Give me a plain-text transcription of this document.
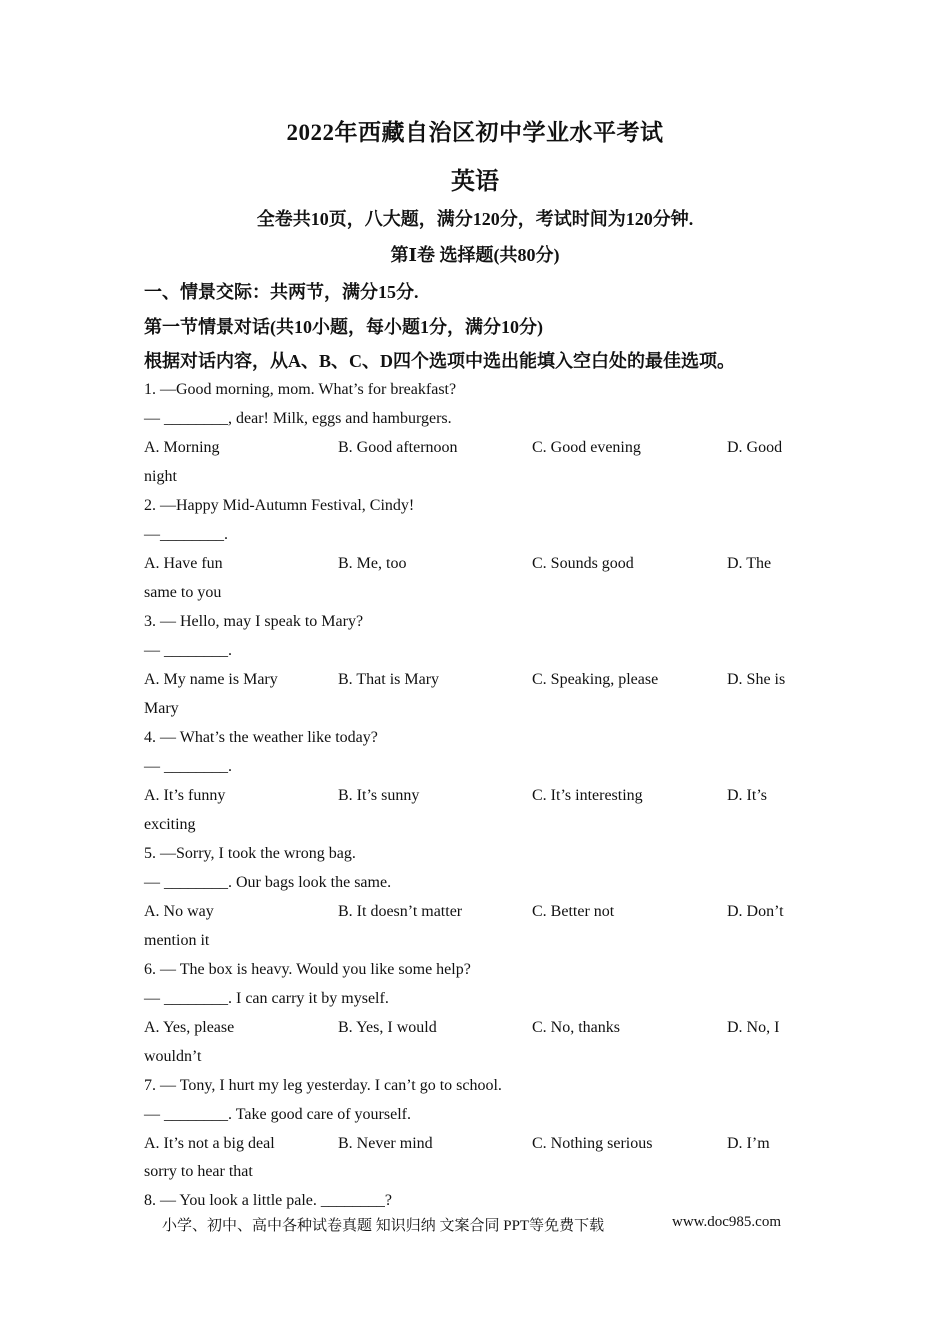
2022年西藏自治区初中学业水平考试
英语
全卷共10页，八大题，满分120分，考试时间为120分钟.
第Ⅰ卷 选择题(共80分)
一、情景交际：共两节，满分15分.
第一节情景对话(共10小题，每小题1分，满分10分)
根据对话内容，从A、B、C、D四个选项中选出能填入空白处的最佳选项。
1. —Good morning, mom. What’s for breakfast?
— ________, dear! Milk, eggs and hamburgers.
A. Morning	B. Good afternoon	C. Good evening	D. Good
night
2. —Happy Mid-Autumn Festival, Cindy!
—________.
A. Have fun	B. Me, too	C. Sounds good	D. The
same to you
3. — Hello, may I speak to Mary?
— ________.
A. My name is Mary	B. That is Mary	C. Speaking, please	D. She is
Mary
4. — What’s the weather like today?
— ________.
A. It’s funny	B. It’s sunny	C. It’s interesting	D. It’s
exciting
5. —Sorry, I took the wrong bag.
— ________. Our bags look the same.
A. No way	B. It doesn’t matter	C. Better not	D. Don’t
mention it
6. — The box is heavy. Would you like some help?
— ________. I can carry it by myself.
A. Yes, please	B. Yes, I would	C. No, thanks	D. No, I
wouldn’t
7. — Tony, I hurt my leg yesterday. I can’t go to school.
— ________. Take good care of yourself.
A. It’s not a big deal	B. Never mind	C. Nothing serious	D. I’m
sorry to hear that
8. — You look a little pale. ________?
小学、初中、高中各种试卷真题 知识归纳 文案合同 PPT等免费下载	www.doc985.com
